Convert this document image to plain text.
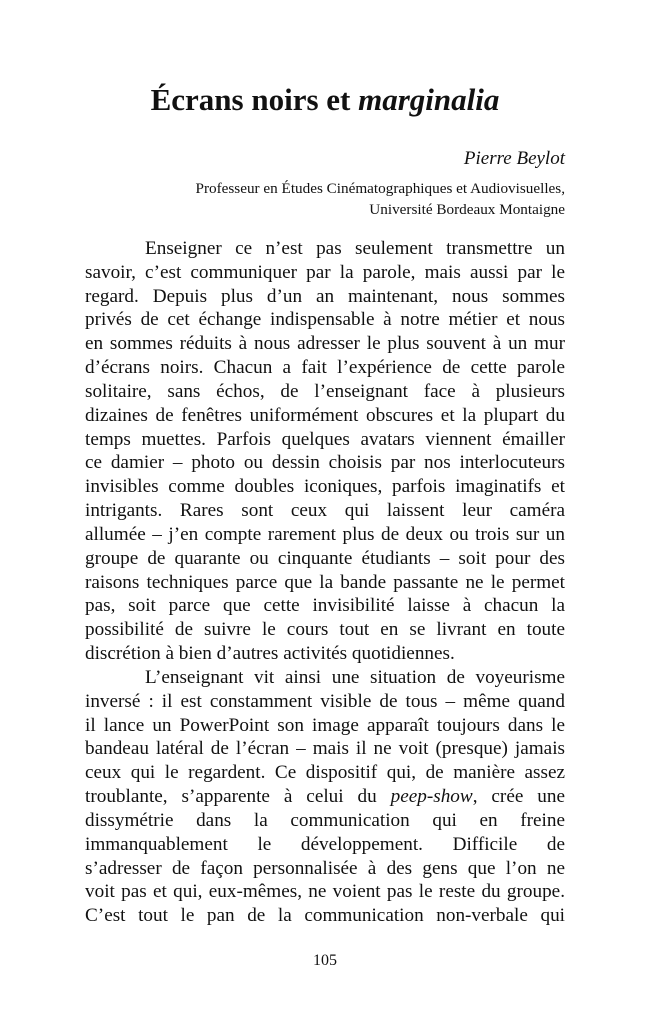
Écrans noirs et marginalia
Pierre Beylot
Professeur en Études Cinématographiques et Audiovisuelles,
Université Bordeaux Montaigne
Enseigner ce n’est pas seulement transmettre un
savoir, c’est communiquer par la parole, mais aussi par le
regard. Depuis plus d’un an maintenant, nous sommes
privés de cet échange indispensable à notre métier et nous
en sommes réduits à nous adresser le plus souvent à un mur
d’écrans noirs. Chacun a fait l’expérience de cette parole
solitaire, sans échos, de l’enseignant face à plusieurs
dizaines de fenêtres uniformément obscures et la plupart du
temps muettes. Parfois quelques avatars viennent émailler
ce damier – photo ou dessin choisis par nos interlocuteurs
invisibles comme doubles iconiques, parfois imaginatifs et
intrigants. Rares sont ceux qui laissent leur caméra
allumée – j’en compte rarement plus de deux ou trois sur un
groupe de quarante ou cinquante étudiants – soit pour des
raisons techniques parce que la bande passante ne le permet
pas, soit parce que cette invisibilité laisse à chacun la
possibilité de suivre le cours tout en se livrant en toute
discrétion à bien d’autres activités quotidiennes.
L’enseignant vit ainsi une situation de voyeurisme
inversé : il est constamment visible de tous – même quand
il lance un PowerPoint son image apparaît toujours dans le
bandeau latéral de l’écran – mais il ne voit (presque) jamais
ceux qui le regardent. Ce dispositif qui, de manière assez
troublante, s’apparente à celui du peep-show, crée une
dissymétrie dans la communication qui en freine
immanquablement le développement. Difficile de
s’adresser de façon personnalisée à des gens que l’on ne
voit pas et qui, eux-mêmes, ne voient pas le reste du groupe.
C’est tout le pan de la communication non-verbale qui
105
